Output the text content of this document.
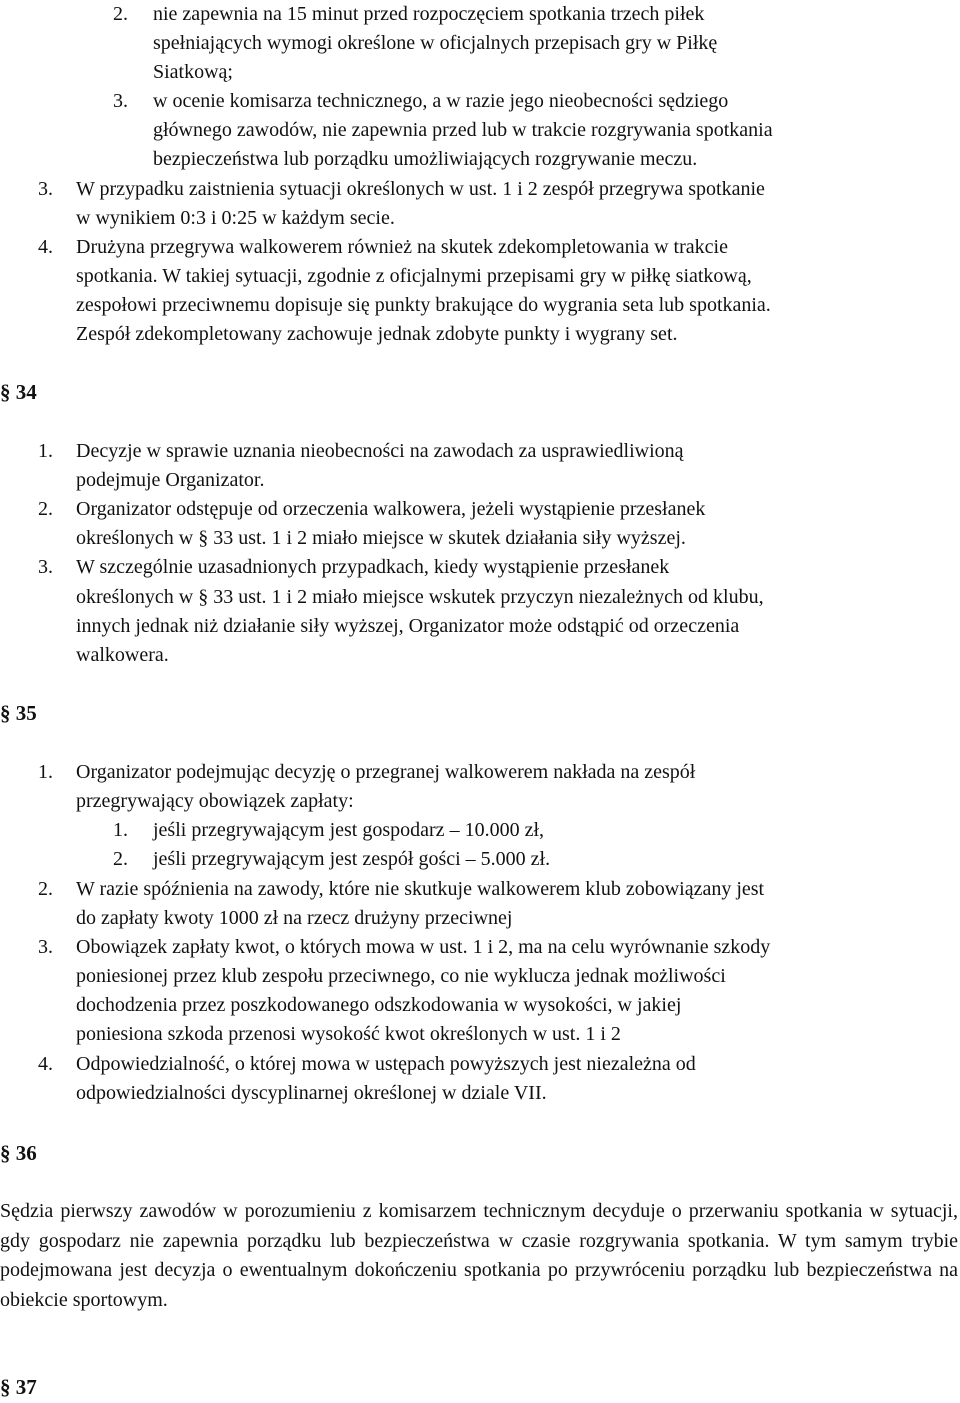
2. nie zapewnia na 15 minut przed rozpoczęciem spotkania trzech piłek
spełniających wymogi określone w oficjalnych przepisach gry w Piłkę
Siatkową;
3. w ocenie komisarza technicznego, a w razie jego nieobecności sędziego
głównego zawodów, nie zapewnia przed lub w trakcie rozgrywania spotkania
bezpieczeństwa lub porządku umożliwiających rozgrywanie meczu.
3. W przypadku zaistnienia sytuacji określonych w ust. 1 i 2 zespół przegrywa spotkanie
w wynikiem 0:3 i 0:25 w każdym secie.
4. Drużyna przegrywa walkowerem również na skutek zdekompletowania w trakcie
spotkania. W takiej sytuacji, zgodnie z oficjalnymi przepisami gry w piłkę siatkową,
zespołowi przeciwnemu dopisuje się punkty brakujące do wygrania seta lub spotkania.
Zespół zdekompletowany zachowuje jednak zdobyte punkty i wygrany set.
§ 34
1. Decyzje w sprawie uznania nieobecności na zawodach za usprawiedliwioną
podejmuje Organizator.
2. Organizator odstępuje od orzeczenia walkowera, jeżeli wystąpienie przesłanek
określonych w § 33 ust. 1 i 2 miało miejsce w skutek działania siły wyższej.
3. W szczególnie uzasadnionych przypadkach, kiedy wystąpienie przesłanek
określonych w § 33 ust. 1 i 2 miało miejsce wskutek przyczyn niezależnych od klubu,
innych jednak niż działanie siły wyższej, Organizator może odstąpić od orzeczenia
walkowera.
§ 35
1. Organizator podejmując decyzję o przegranej walkowerem nakłada na zespół
przegrywający obowiązek zapłaty:
1. jeśli przegrywającym jest gospodarz – 10.000 zł,
2. jeśli przegrywającym jest zespół gości – 5.000 zł.
2. W razie spóźnienia na zawody, które nie skutkuje walkowerem klub zobowiązany jest
do zapłaty kwoty 1000 zł na rzecz drużyny przeciwnej
3. Obowiązek zapłaty kwot, o których mowa w ust. 1 i 2, ma na celu wyrównanie szkody
poniesionej przez klub zespołu przeciwnego, co nie wyklucza jednak możliwości
dochodzenia przez poszkodowanego odszkodowania w wysokości, w jakiej
poniesiona szkoda przenosi wysokość kwot określonych w ust. 1 i 2
4. Odpowiedzialność, o której mowa w ustępach powyższych jest niezależna od
odpowiedzialności dyscyplinarnej określonej w dziale VII.
§ 36
Sędzia pierwszy zawodów w porozumieniu z komisarzem technicznym decyduje o przerwaniu spotkania w sytuacji, gdy gospodarz nie zapewnia porządku lub bezpieczeństwa w czasie rozgrywania spotkania. W tym samym trybie podejmowana jest decyzja o ewentualnym dokończeniu spotkania po przywróceniu porządku lub bezpieczeństwa na obiekcie sportowym.
§ 37
